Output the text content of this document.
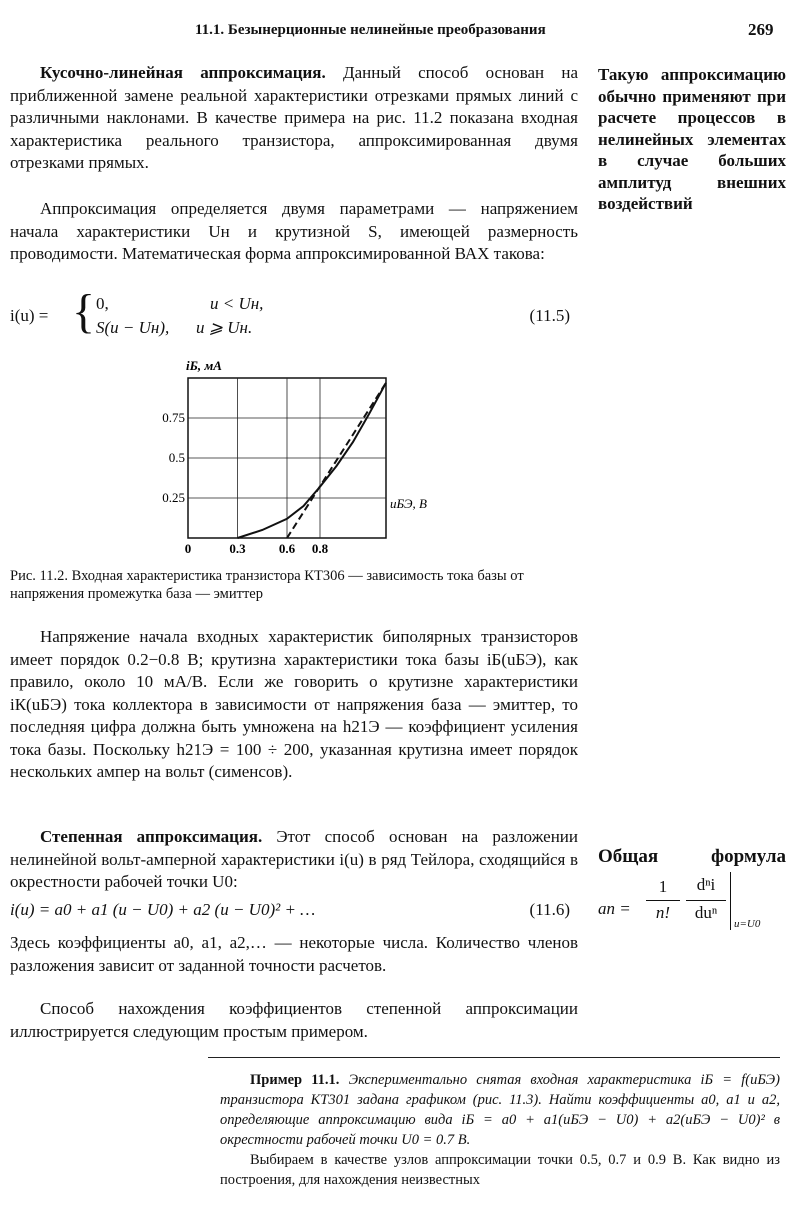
11.1. Безынерционные нелинейные преобразования	269

Кусочно-линейная аппроксимация. Данный способ основан на приближенной замене реальной характеристики отрезками прямых линий с различными наклонами. В качестве примера на рис. 11.2 показана входная характеристика реального транзистора, аппроксимированная двумя отрезками прямых.

Аппроксимация определяется двумя параметрами — напряжением начала характеристики Uн и крутизной S, имеющей размерность проводимости. Математическая форма аппроксимированной ВАХ такова:

Такую аппроксимацию обычно применяют при расчете процессов в нелинейных элементах в случае больших амплитуд внешних воздействий
i(u) = { 0,	u < Uн,
S(u − Uн), u ⩾ Uн.
(11.5)
0	0.3	0.6 0.8
0.25
0.5
0.75
iБ, мА
uБЭ, В
Рис. 11.2. Входная характеристика транзистора КТ306 — зависимость тока базы от напряжения промежутка база — эмиттер

Напряжение начала входных характеристик биполярных транзисторов имеет порядок 0.2−0.8 В; крутизна характеристики тока базы iБ(uБЭ), как правило, около 10 мА/В. Если же говорить о крутизне характеристики iК(uБЭ) тока коллектора в зависимости от напряжения база — эмиттер, то последняя цифра должна быть умножена на h21Э — коэффициент усиления тока базы. Поскольку h21Э = 100 ÷ 200, указанная крутизна имеет порядок нескольких ампер на вольт (сименсов).

Степенная аппроксимация. Этот способ основан на разложении нелинейной вольт-амперной характеристики i(u) в ряд Тейлора, сходящийся в окрестности рабочей точки U0:

Общая формула
an =
1
n!
dⁿi
duⁿ
u=U0
i(u) = a0 + a1 (u − U0) + a2 (u − U0)² + …	(11.6)

Здесь коэффициенты a0, a1, a2,… — некоторые числа. Количество членов разложения зависит от заданной точности расчетов.

Способ нахождения коэффициентов степенной аппроксимации иллюстрируется следующим простым примером.

Пример 11.1. Экспериментально снятая входная характеристика iБ = f(uБЭ) транзистора КТ301 задана графиком (рис. 11.3). Найти коэффициенты a0, a1 и a2, определяющие аппроксимацию вида iБ = a0 + a1(uБЭ − U0) + a2(uБЭ − U0)² в окрестности рабочей точки U0 = 0.7 В.

Выбираем в качестве узлов аппроксимации точки 0.5, 0.7 и 0.9 В. Как видно из построения, для нахождения неизвестных
